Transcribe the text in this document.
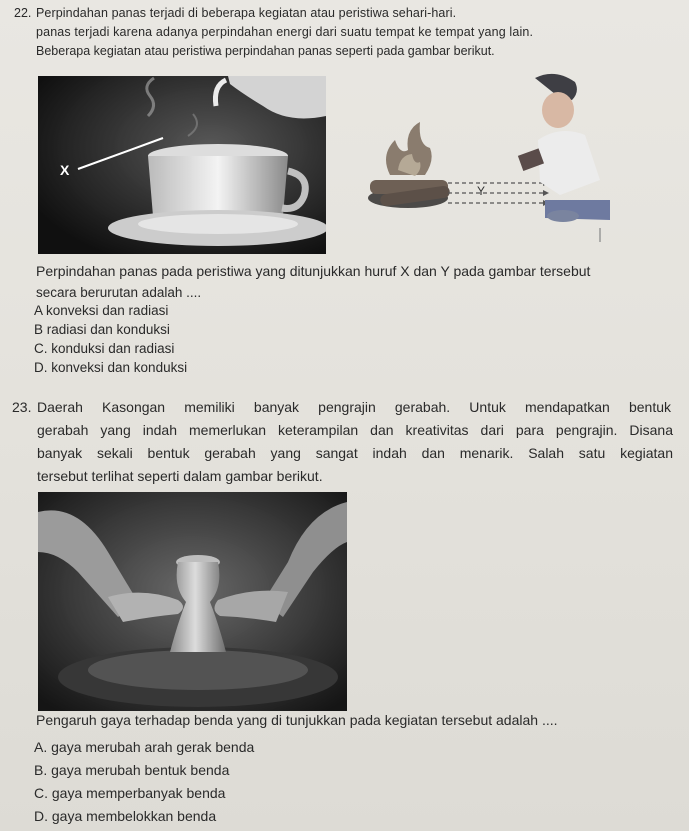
22. Perpindahan panas terjadi di beberapa kegiatan atau peristiwa sehari-hari.
panas terjadi karena adanya perpindahan energi dari suatu tempat ke tempat yang lain.
Beberapa kegiatan atau peristiwa perpindahan panas seperti pada gambar berikut.
X
Y
Perpindahan panas pada peristiwa yang ditunjukkan huruf X dan Y pada gambar tersebut
secara berurutan adalah ....
A konveksi dan radiasi
B radiasi dan konduksi
C. konduksi dan radiasi
D. konveksi dan konduksi
23. Daerah Kasongan memiliki banyak pengrajin gerabah. Untuk mendapatkan bentuk
gerabah yang indah memerlukan keterampilan dan kreativitas dari para pengrajin. Disana
banyak sekali bentuk gerabah yang sangat indah dan menarik. Salah satu kegiatan
tersebut terlihat seperti dalam gambar berikut.
Pengaruh gaya terhadap benda yang di tunjukkan pada kegiatan tersebut adalah ....
A. gaya merubah arah gerak benda
B. gaya merubah bentuk benda
C. gaya memperbanyak benda
D. gaya membelokkan benda
